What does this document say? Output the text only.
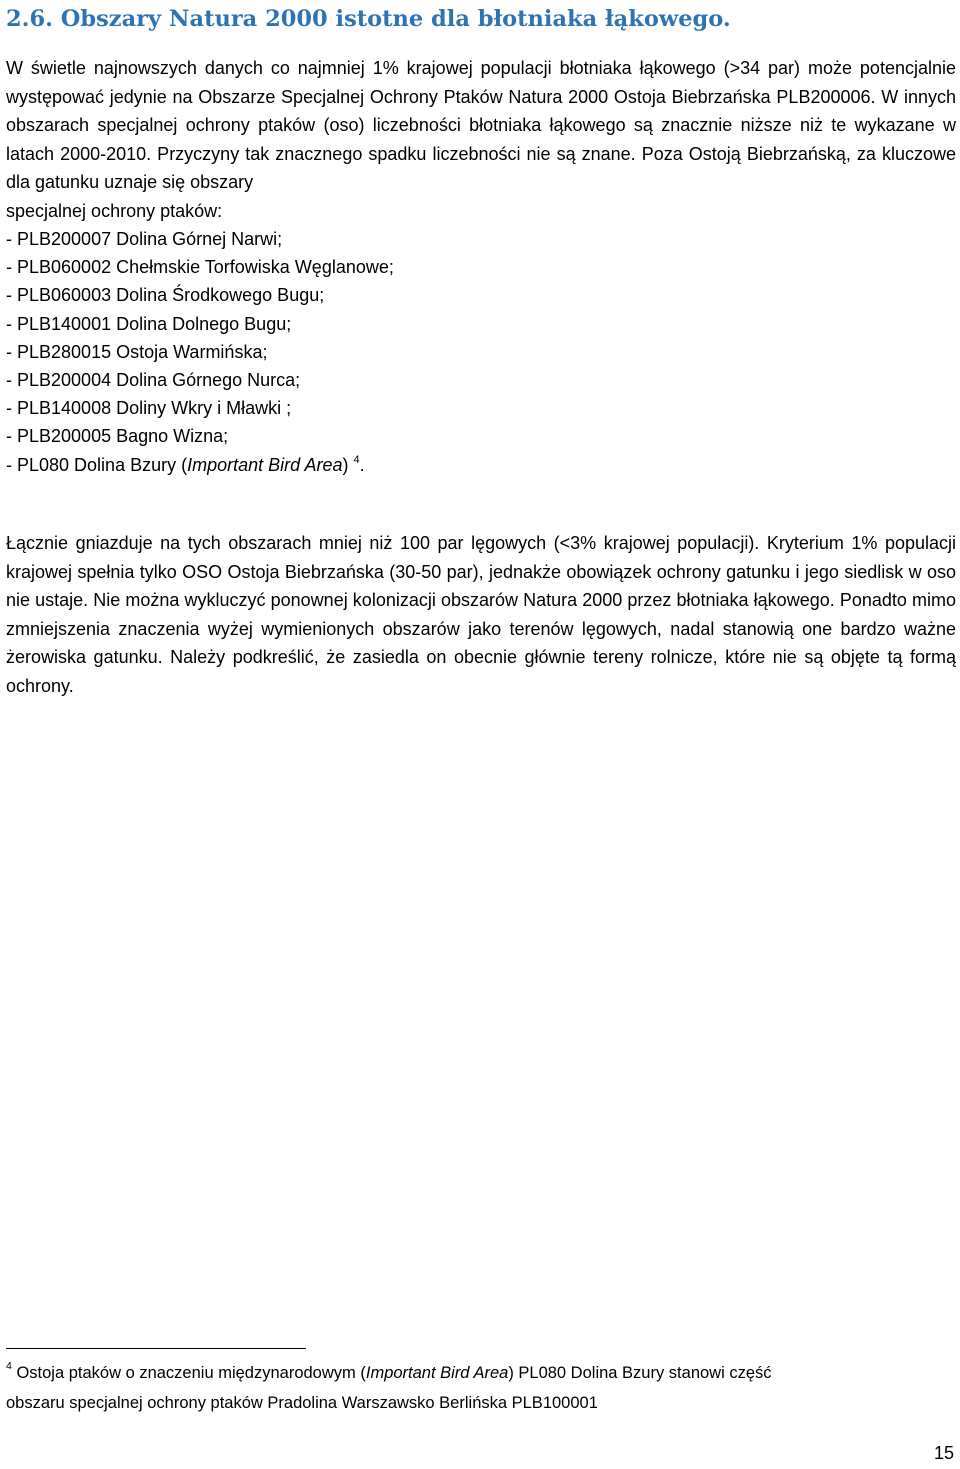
2.6. Obszary Natura 2000 istotne dla błotniaka łąkowego.
W świetle najnowszych danych co najmniej 1% krajowej populacji błotniaka łąkowego (>34 par) może potencjalnie występować jedynie na Obszarze Specjalnej Ochrony Ptaków Natura 2000 Ostoja Biebrzańska PLB200006. W innych obszarach specjalnej ochrony ptaków (oso) liczebności błotniaka łąkowego są znacznie niższe niż te wykazane w latach 2000-2010. Przyczyny tak znacznego spadku liczebności nie są znane. Poza Ostoją Biebrzańską, za kluczowe dla gatunku uznaje się obszary
specjalnej ochrony ptaków:
- PLB200007 Dolina Górnej Narwi;
- PLB060002 Chełmskie Torfowiska Węglanowe;
- PLB060003 Dolina Środkowego Bugu;
- PLB140001 Dolina Dolnego Bugu;
- PLB280015 Ostoja Warmińska;
- PLB200004 Dolina Górnego Nurca;
- PLB140008 Doliny Wkry i Mławki ;
- PLB200005 Bagno Wizna;
- PL080 Dolina Bzury (Important Bird Area) $^4$.
Łącznie gniazduje na tych obszarach mniej niż 100 par lęgowych (<3% krajowej populacji). Kryterium 1% populacji krajowej spełnia tylko OSO Ostoja Biebrzańska (30-50 par), jednakże obowiązek ochrony gatunku i jego siedlisk w oso nie ustaje. Nie można wykluczyć ponownej kolonizacji obszarów Natura 2000 przez błotniaka łąkowego. Ponadto mimo zmniejszenia znaczenia wyżej wymienionych obszarów jako terenów lęgowych, nadal stanowią one bardzo ważne żerowiska gatunku. Należy podkreślić, że zasiedla on obecnie głównie tereny rolnicze, które nie są objęte tą formą ochrony.
$^4$ Ostoja ptaków o znaczeniu międzynarodowym (Important Bird Area) PL080 Dolina Bzury stanowi część
obszaru specjalnej ochrony ptaków Pradolina Warszawsko Berlińska PLB100001
15
